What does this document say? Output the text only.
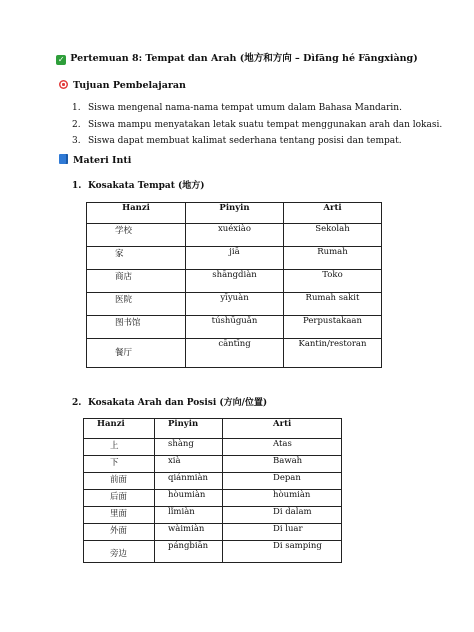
✓ Pertemuan 8: Tempat dan Arah (地方和方向 – Dìfāng hé Fāngxiàng)
Tujuan Pembelajaran
1. Siswa mengenal nama-nama tempat umum dalam Bahasa Mandarin.
2. Siswa mampu menyatakan letak suatu tempat menggunakan arah dan lokasi.
3. Siswa dapat membuat kalimat sederhana tentang posisi dan tempat.
Materi Inti
1. Kosakata Tempat (地方)
Hanzi	Pinyin	Arti
学校	xuéxiào	Sekolah
家	jiā	Rumah
商店	shāngdiàn	Toko
医院	yīyuàn	Rumah sakit
图书馆	túshūguǎn	Perpustakaan
餐厅	cāntīng	Kantin/restoran
2. Kosakata Arah dan Posisi (方向/位置)
Hanzi	Pinyin	Arti
上	shàng	Atas
下	xià	Bawah
前面	qiánmiàn	Depan
后面	hòumiàn	hòumiàn
里面	lǐmiàn	Di dalam
外面	wàimiàn	Di luar
旁边	pángbiān	Di samping
